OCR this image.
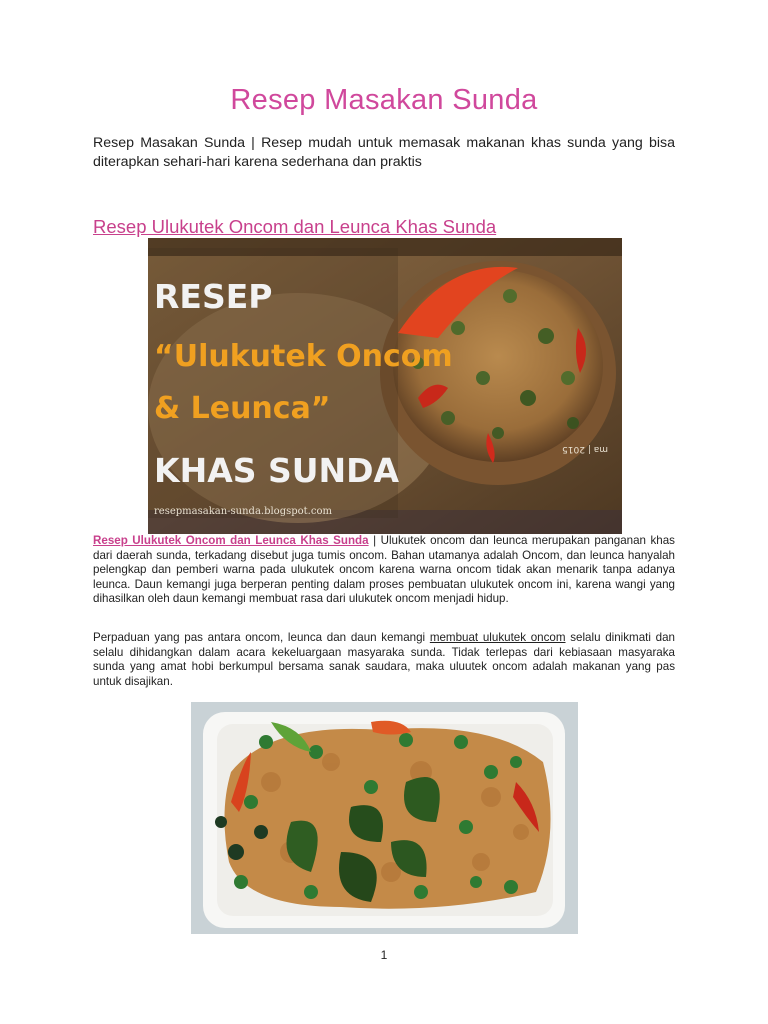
Resep Masakan Sunda

Resep Masakan Sunda | Resep mudah untuk memasak makanan khas sunda yang bisa diterapkan sehari-hari karena sederhana dan praktis

Resep Ulukutek Oncom dan Leunca Khas Sunda
RESEP
“Ulukutek Oncom
& Leunca”
KHAS SUNDA
resepmasakan-sunda.blogspot.com
ma | 2015

Resep Ulukutek Oncom dan Leunca Khas Sunda | Ulukutek oncom dan leunca merupakan panganan khas dari daerah sunda, terkadang disebut juga tumis oncom. Bahan utamanya adalah Oncom, dan leunca hanyalah pelengkap dan pemberi warna pada ulukutek oncom karena warna oncom tidak akan menarik tanpa adanya leunca. Daun kemangi juga berperan penting dalam proses pembuatan ulukutek oncom ini, karena wangi yang dihasilkan oleh daun kemangi membuat rasa dari ulukutek oncom menjadi hidup.

Perpaduan yang pas antara oncom, leunca dan daun kemangi membuat ulukutek oncom selalu dinikmati dan selalu dihidangkan dalam acara kekeluargaan masyaraka sunda. Tidak terlepas dari kebiasaan masyaraka sunda yang amat hobi berkumpul bersama sanak saudara, maka uluutek oncom adalah makanan yang pas untuk disajikan.

1
